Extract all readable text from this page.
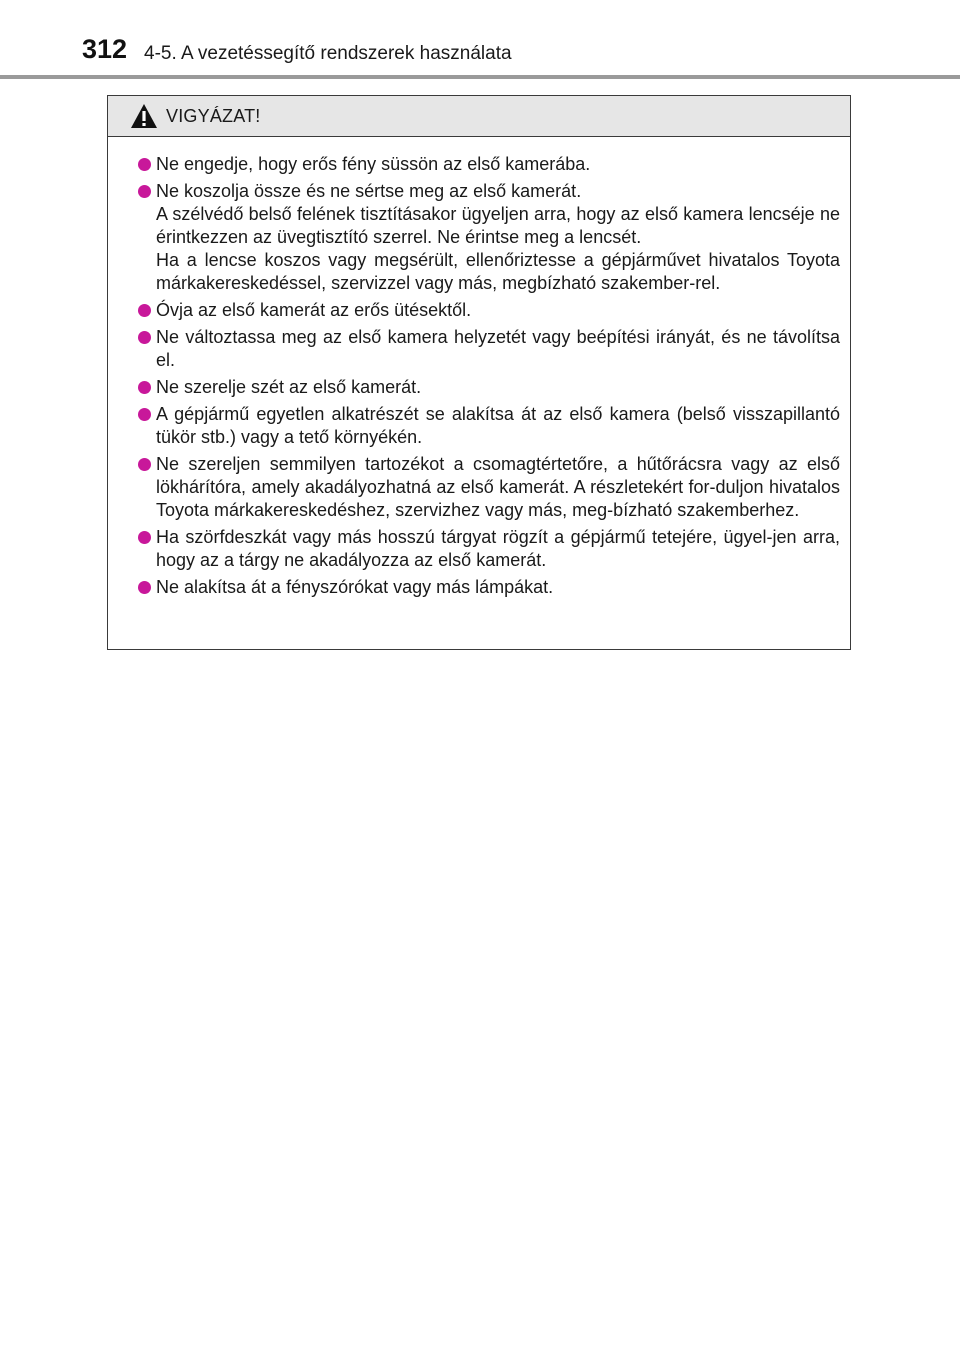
312 4-5. A vezetéssegítő rendszerek használata
VIGYÁZAT!
Ne engedje, hogy erős fény süssön az első kamerába.
Ne koszolja össze és ne sértse meg az első kamerát.
A szélvédő belső felének tisztításakor ügyeljen arra, hogy az első kamera lencséje ne érintkezzen az üvegtisztító szerrel. Ne érintse meg a lencsét.
Ha a lencse koszos vagy megsérült, ellenőriztesse a gépjárművet hivatalos Toyota márkakereskedéssel, szervizzel vagy más, megbízható szakember-rel.
Óvja az első kamerát az erős ütésektől.
Ne változtassa meg az első kamera helyzetét vagy beépítési irányát, és ne távolítsa el.
Ne szerelje szét az első kamerát.
A gépjármű egyetlen alkatrészét se alakítsa át az első kamera (belső visszapillantó tükör stb.) vagy a tető környékén.
Ne szereljen semmilyen tartozékot a csomagtértetőre, a hűtőrácsra vagy az első lökhárítóra, amely akadályozhatná az első kamerát. A részletekért for-duljon hivatalos Toyota márkakereskedéshez, szervizhez vagy más, meg-bízható szakemberhez.
Ha szörfdeszkát vagy más hosszú tárgyat rögzít a gépjármű tetejére, ügyel-jen arra, hogy az a tárgy ne akadályozza az első kamerát.
Ne alakítsa át a fényszórókat vagy más lámpákat.
